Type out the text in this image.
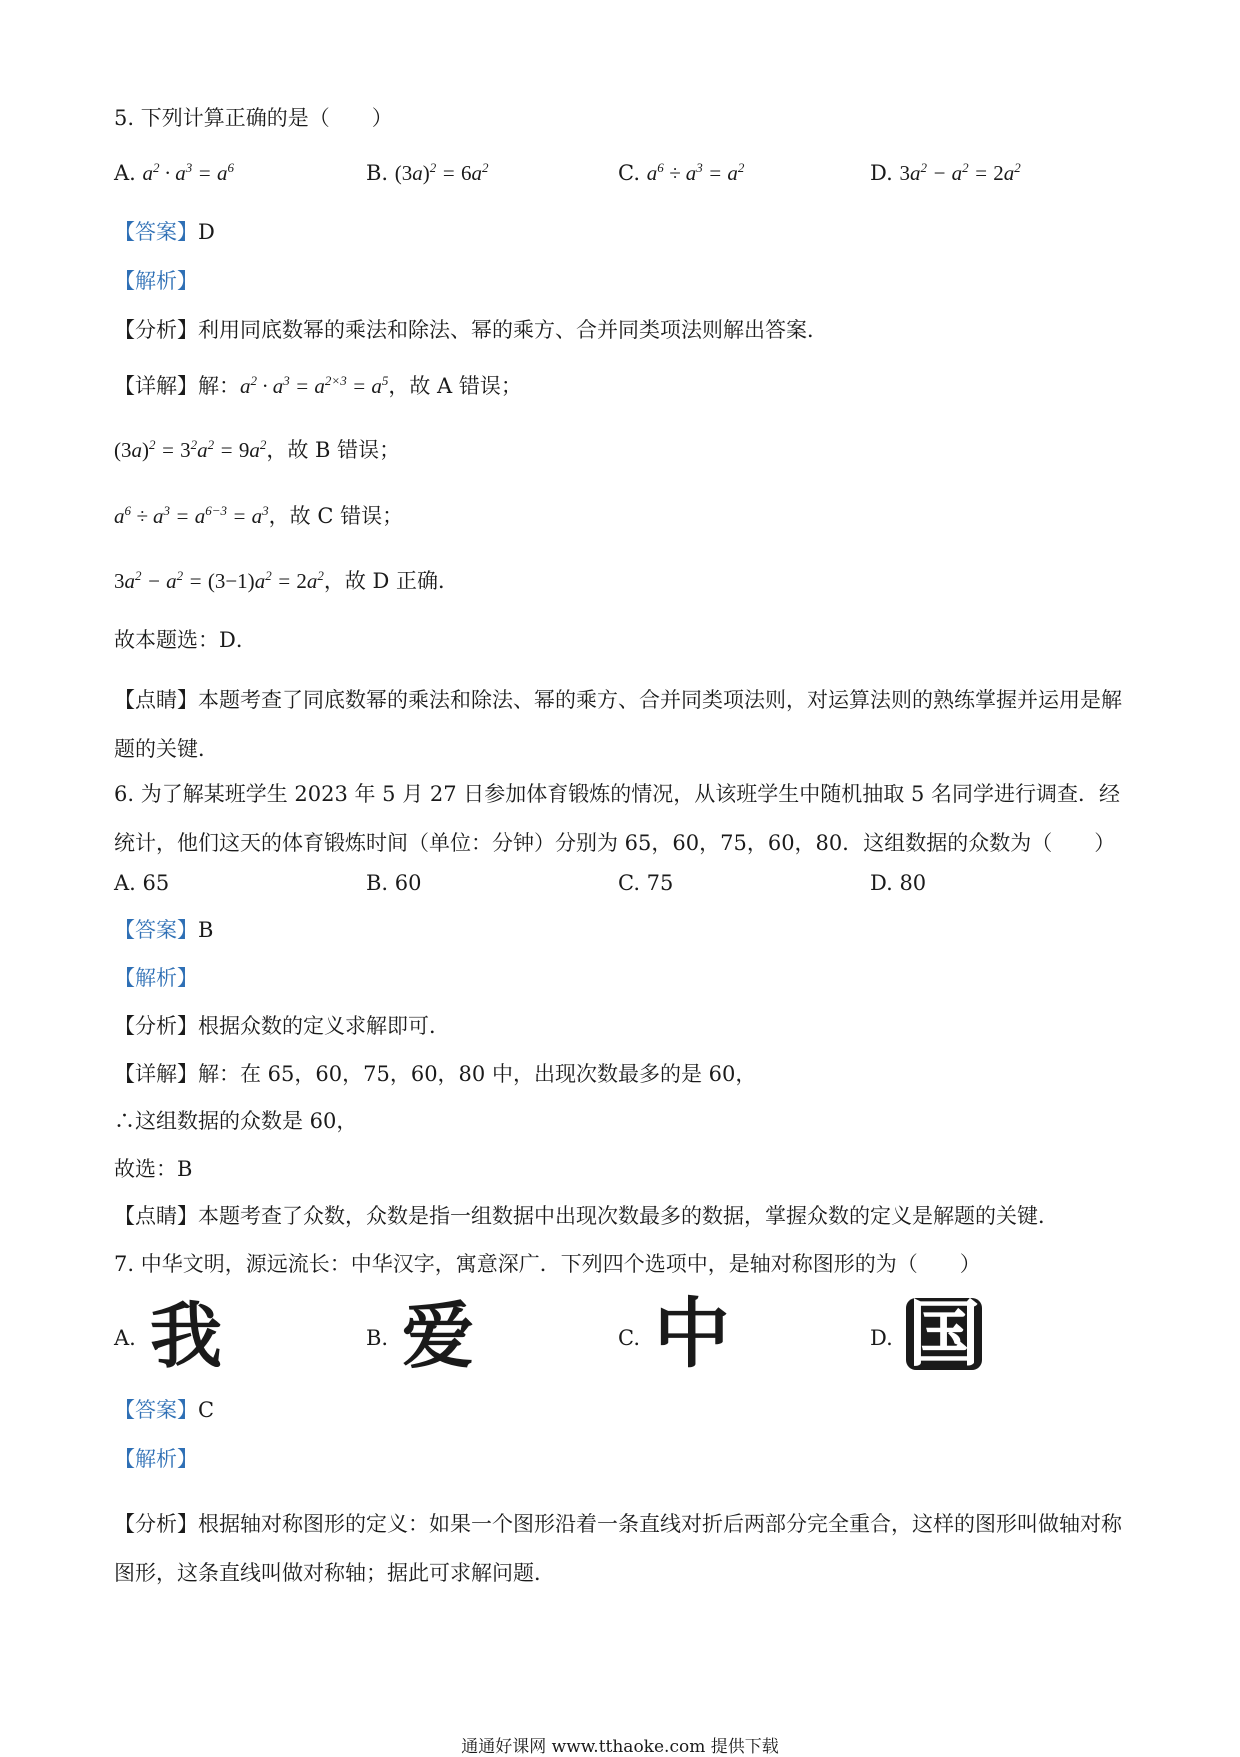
5. 下列计算正确的是（　　）
A. $a^2 \cdot a^3 = a^6$	B. $(3a)^2 = 6a^2$	C. $a^6 \div a^3 = a^2$	D. $3a^2 - a^2 = 2a^2$
【答案】D
【解析】
【分析】利用同底数幂的乘法和除法、幂的乘方、合并同类项法则解出答案．
【详解】解：$a^2 \cdot a^3 = a^{2\times 3} = a^5$，故 A 错误；
$(3a)^2 = 3^2a^2 = 9a^2$，故 B 错误；
$a^6 \div a^3 = a^{6-3} = a^3$，故 C 错误；
$3a^2 - a^2 = (3-1)a^2 = 2a^2$，故 D 正确．
故本题选：D．
【点睛】本题考查了同底数幂的乘法和除法、幂的乘方、合并同类项法则，对运算法则的熟练掌握并运用是解题的关键．
6. 为了解某班学生 2023 年 5 月 27 日参加体育锻炼的情况，从该班学生中随机抽取 5 名同学进行调查．经统计，他们这天的体育锻炼时间（单位：分钟）分别为 65，60，75，60，80．这组数据的众数为（　　）
A. 65	B. 60	C. 75	D. 80
【答案】B
【解析】
【分析】根据众数的定义求解即可．
【详解】解：在 65，60，75，60，80 中，出现次数最多的是 60，
∴这组数据的众数是 60，
故选：B
【点睛】本题考查了众数，众数是指一组数据中出现次数最多的数据，掌握众数的定义是解题的关键．
7. 中华文明，源远流长：中华汉字，寓意深广．下列四个选项中，是轴对称图形的为（　　）
A. 我	B. 爱	C. 中	D. 国
【答案】C
【解析】
【分析】根据轴对称图形的定义：如果一个图形沿着一条直线对折后两部分完全重合，这样的图形叫做轴对称图形，这条直线叫做对称轴；据此可求解问题．
通通好课网 www.tthaoke.com 提供下载
